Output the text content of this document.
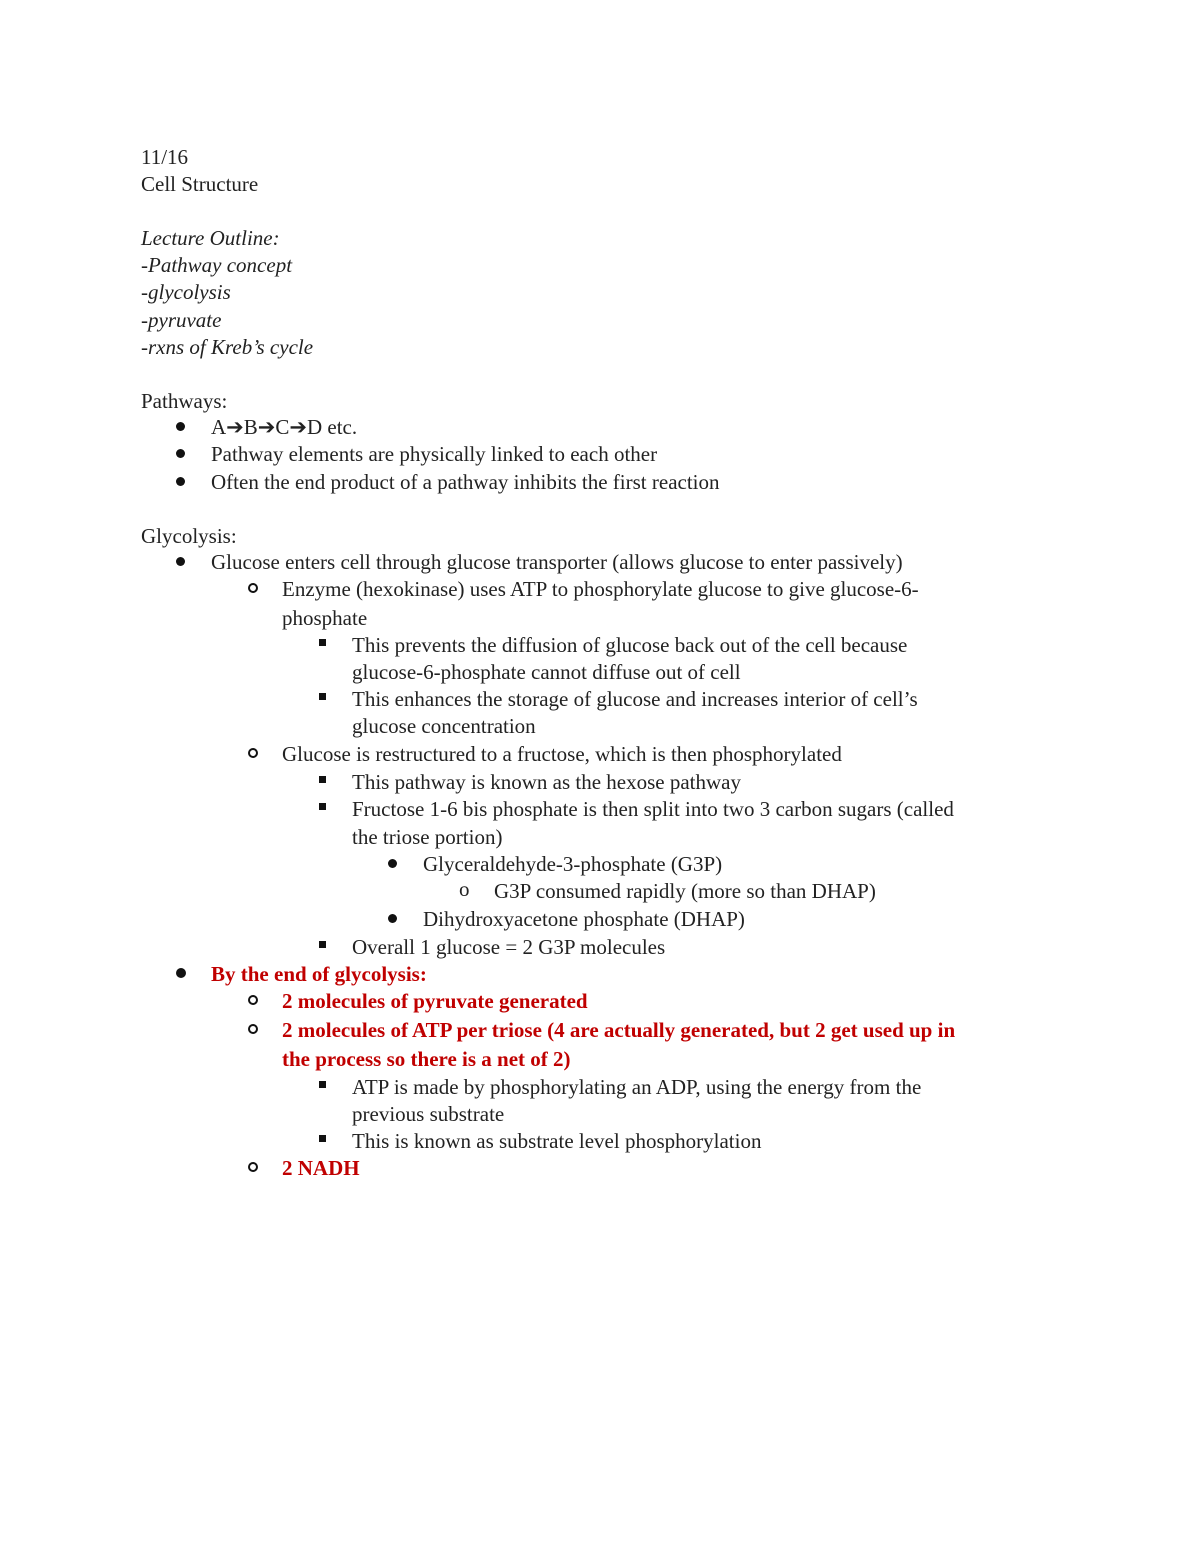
11/16
Cell Structure
Lecture Outline:
-Pathway concept
-glycolysis
-pyruvate
-rxns of Kreb’s cycle
Pathways:
A➔B➔C➔D etc.
Pathway elements are physically linked to each other
Often the end product of a pathway inhibits the first reaction
Glycolysis:
Glucose enters cell through glucose transporter (allows glucose to enter passively)
Enzyme (hexokinase) uses ATP to phosphorylate glucose to give glucose-6-
phosphate
This prevents the diffusion of glucose back out of the cell because
glucose-6-phosphate cannot diffuse out of cell
This enhances the storage of glucose and increases interior of cell’s
glucose concentration
Glucose is restructured to a fructose, which is then phosphorylated
This pathway is known as the hexose pathway
Fructose 1-6 bis phosphate is then split into two 3 carbon sugars (called
the triose portion)
Glyceraldehyde-3-phosphate (G3P)
o G3P consumed rapidly (more so than DHAP)
Dihydroxyacetone phosphate (DHAP)
Overall 1 glucose = 2 G3P molecules
By the end of glycolysis:
2 molecules of pyruvate generated
2 molecules of ATP per triose (4 are actually generated, but 2 get used up in
the process so there is a net of 2)
ATP is made by phosphorylating an ADP, using the energy from the
previous substrate
This is known as substrate level phosphorylation
2 NADH
